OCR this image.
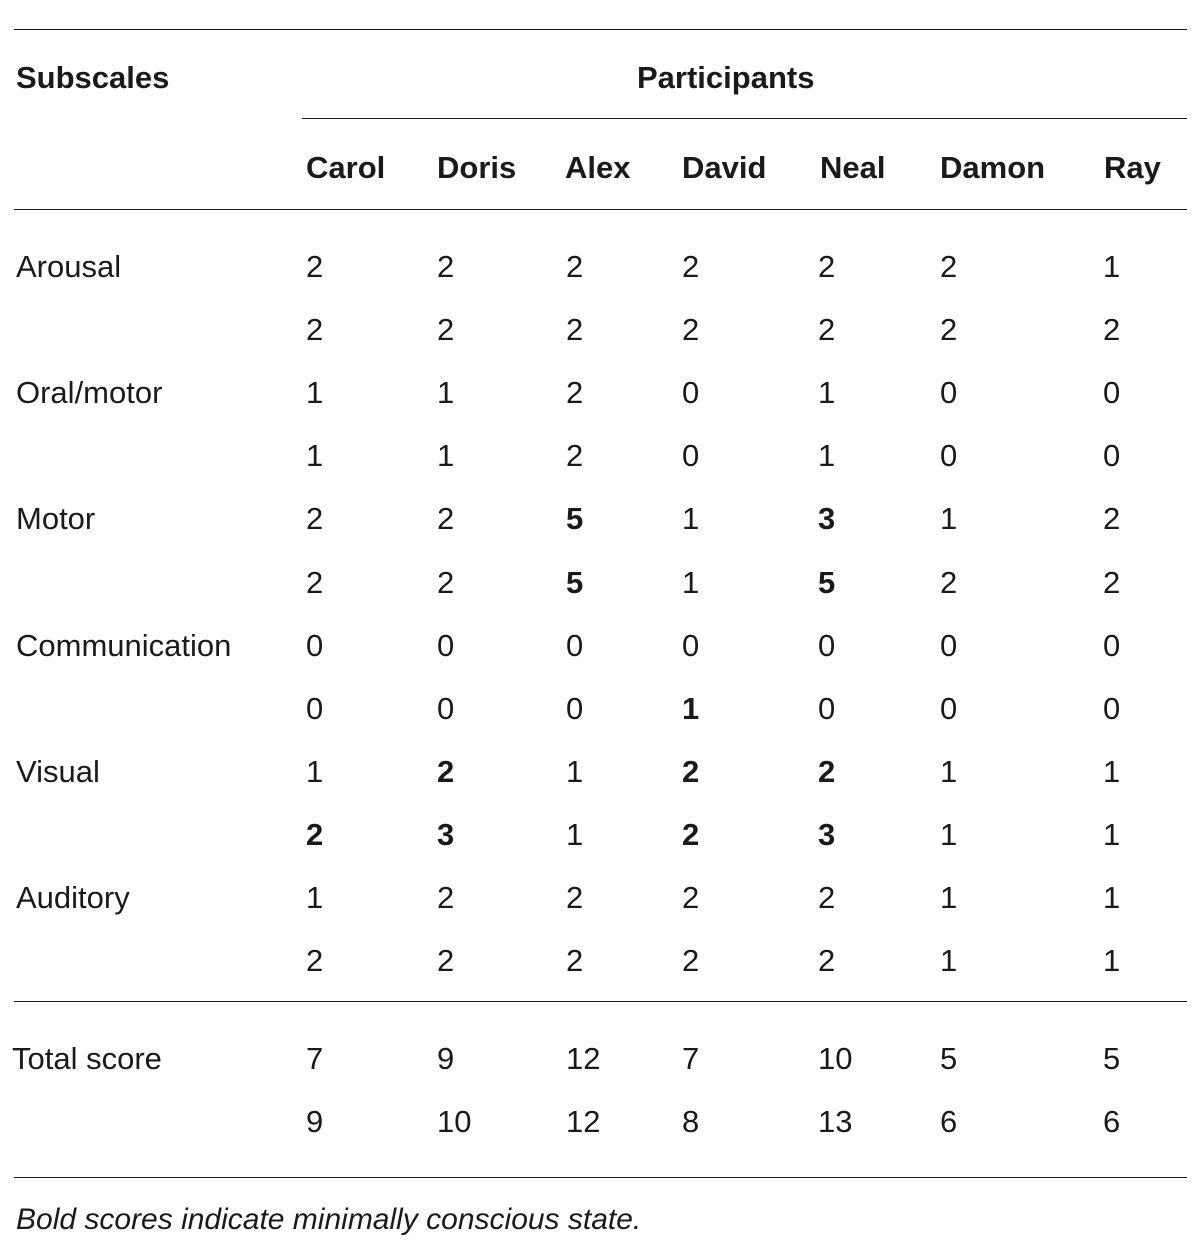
Subscales	Participants
Carol Doris Alex David Neal Damon Ray
Arousal	2	2	2	2	2	2	1
2	2	2	2	2	2	2
Oral/motor	1	1	2	0	1	0	0
1	1	2	0	1	0	0
Motor	2	2	5	1	3	1	2
2	2	5	1	5	2	2
Communication 0	0	0	0	0	0	0
0	0	0	1	0	0	0
Visual	1	2	1	2	2	1	1
2	3	1	2	3	1	1
Auditory	1	2	2	2	2	1	1
2	2	2	2	2	1	1
Total score	7	9	12	7	10	5	5
9	10	12	8	13	6	6
Bold scores indicate minimally conscious state.
